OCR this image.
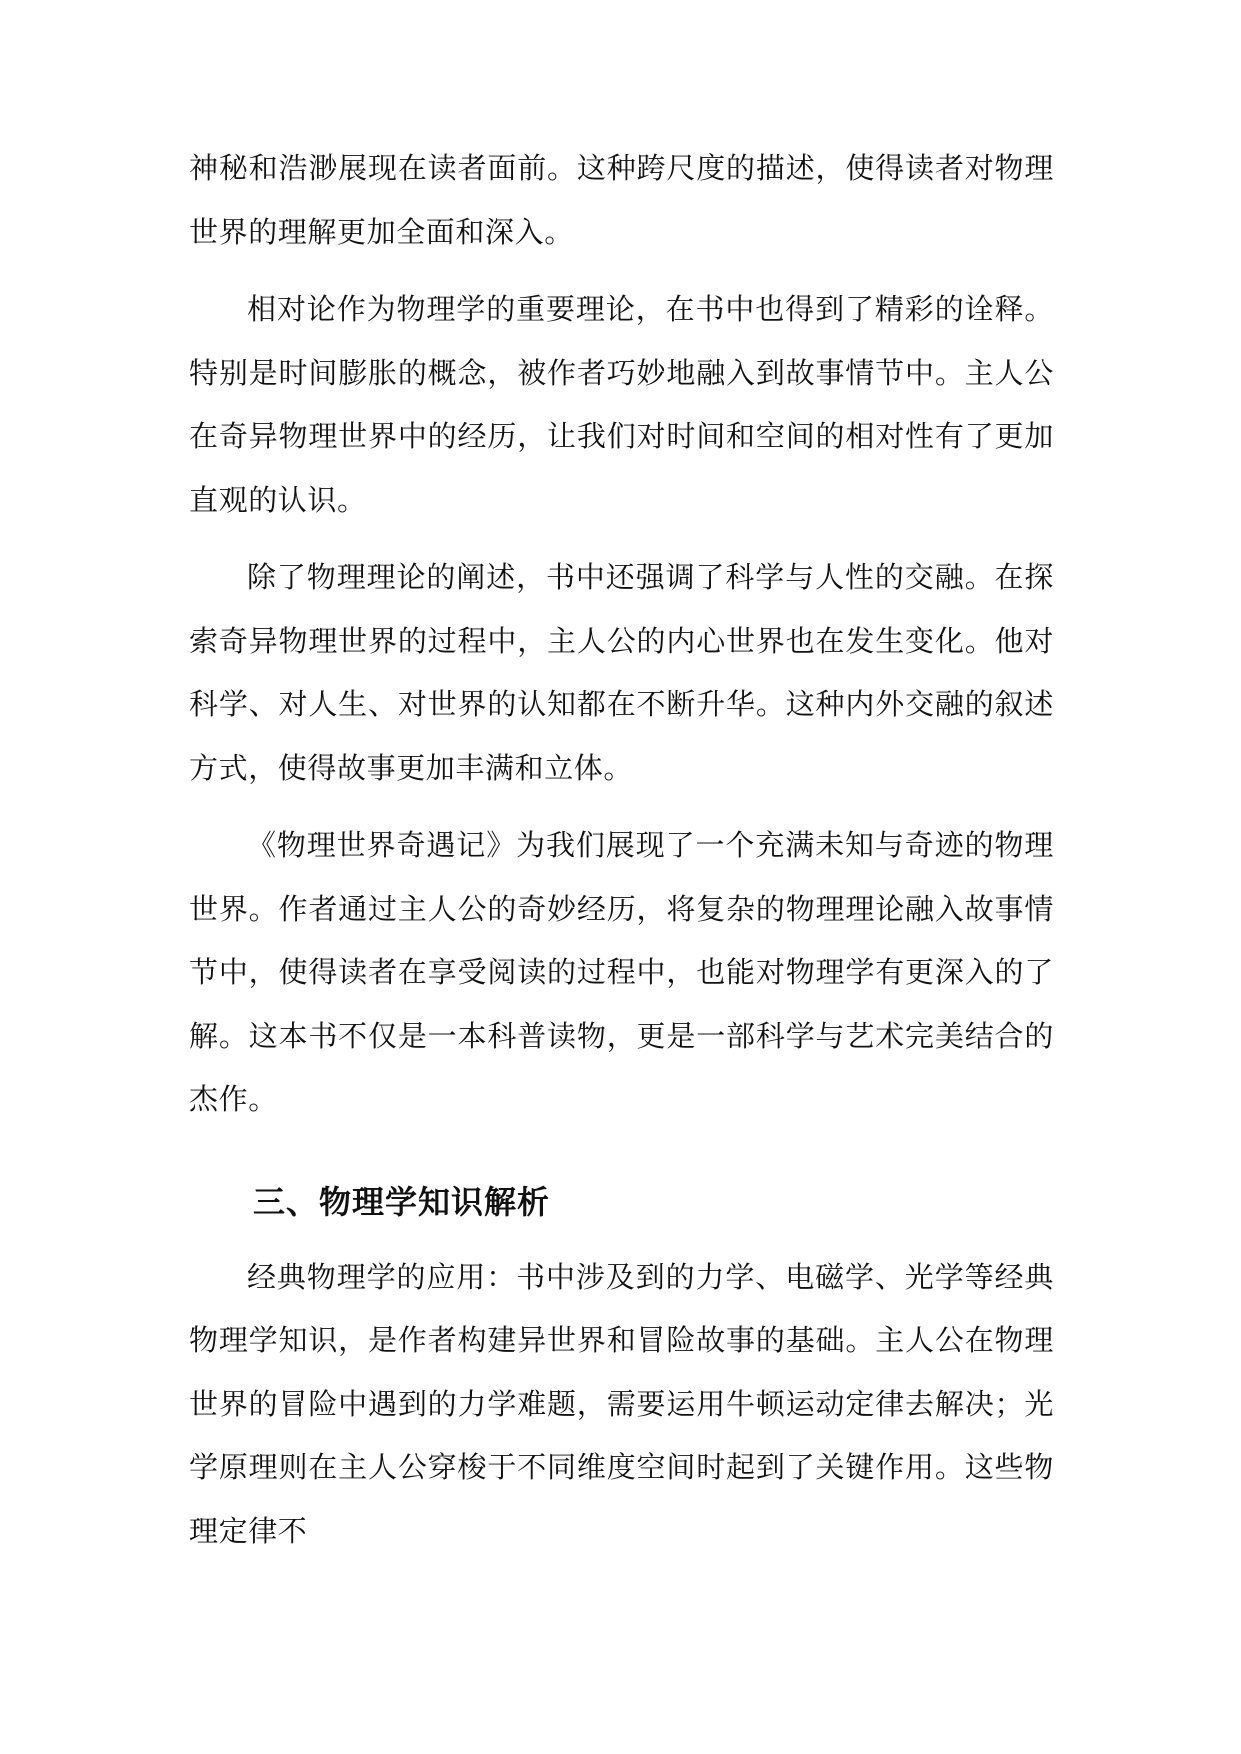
神秘和浩渺展现在读者面前。这种跨尺度的描述，使得读者对物理世界的理解更加全面和深入。

相对论作为物理学的重要理论，在书中也得到了精彩的诠释。特别是时间膨胀的概念，被作者巧妙地融入到故事情节中。主人公在奇异物理世界中的经历，让我们对时间和空间的相对性有了更加直观的认识。

除了物理理论的阐述，书中还强调了科学与人性的交融。在探索奇异物理世界的过程中，主人公的内心世界也在发生变化。他对科学、对人生、对世界的认知都在不断升华。这种内外交融的叙述方式，使得故事更加丰满和立体。

《物理世界奇遇记》为我们展现了一个充满未知与奇迹的物理世界。作者通过主人公的奇妙经历，将复杂的物理理论融入故事情节中，使得读者在享受阅读的过程中，也能对物理学有更深入的了解。这本书不仅是一本科普读物，更是一部科学与艺术完美结合的杰作。

三、物理学知识解析

经典物理学的应用：书中涉及到的力学、电磁学、光学等经典物理学知识，是作者构建异世界和冒险故事的基础。主人公在物理世界的冒险中遇到的力学难题，需要运用牛顿运动定律去解决；光学原理则在主人公穿梭于不同维度空间时起到了关键作用。这些物理定律不
